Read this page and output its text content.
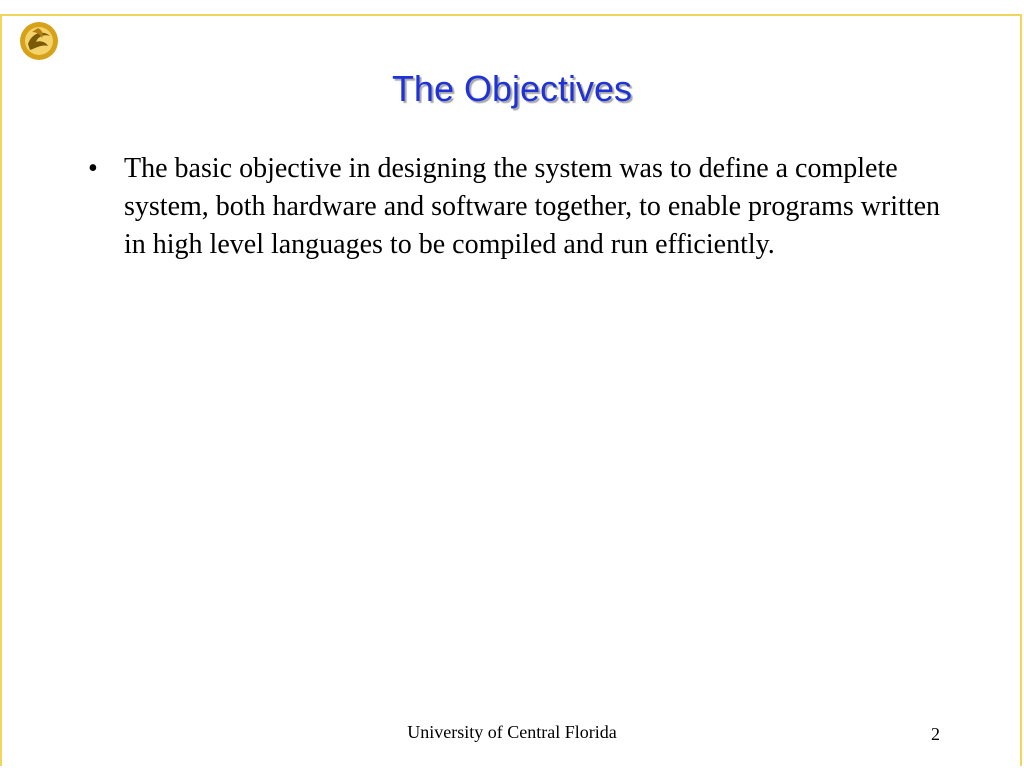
The Objectives
• The basic objective in designing the system was to define a complete system, both hardware and software together, to enable programs written in high level languages to be compiled and run efficiently.
University of Central Florida	2
